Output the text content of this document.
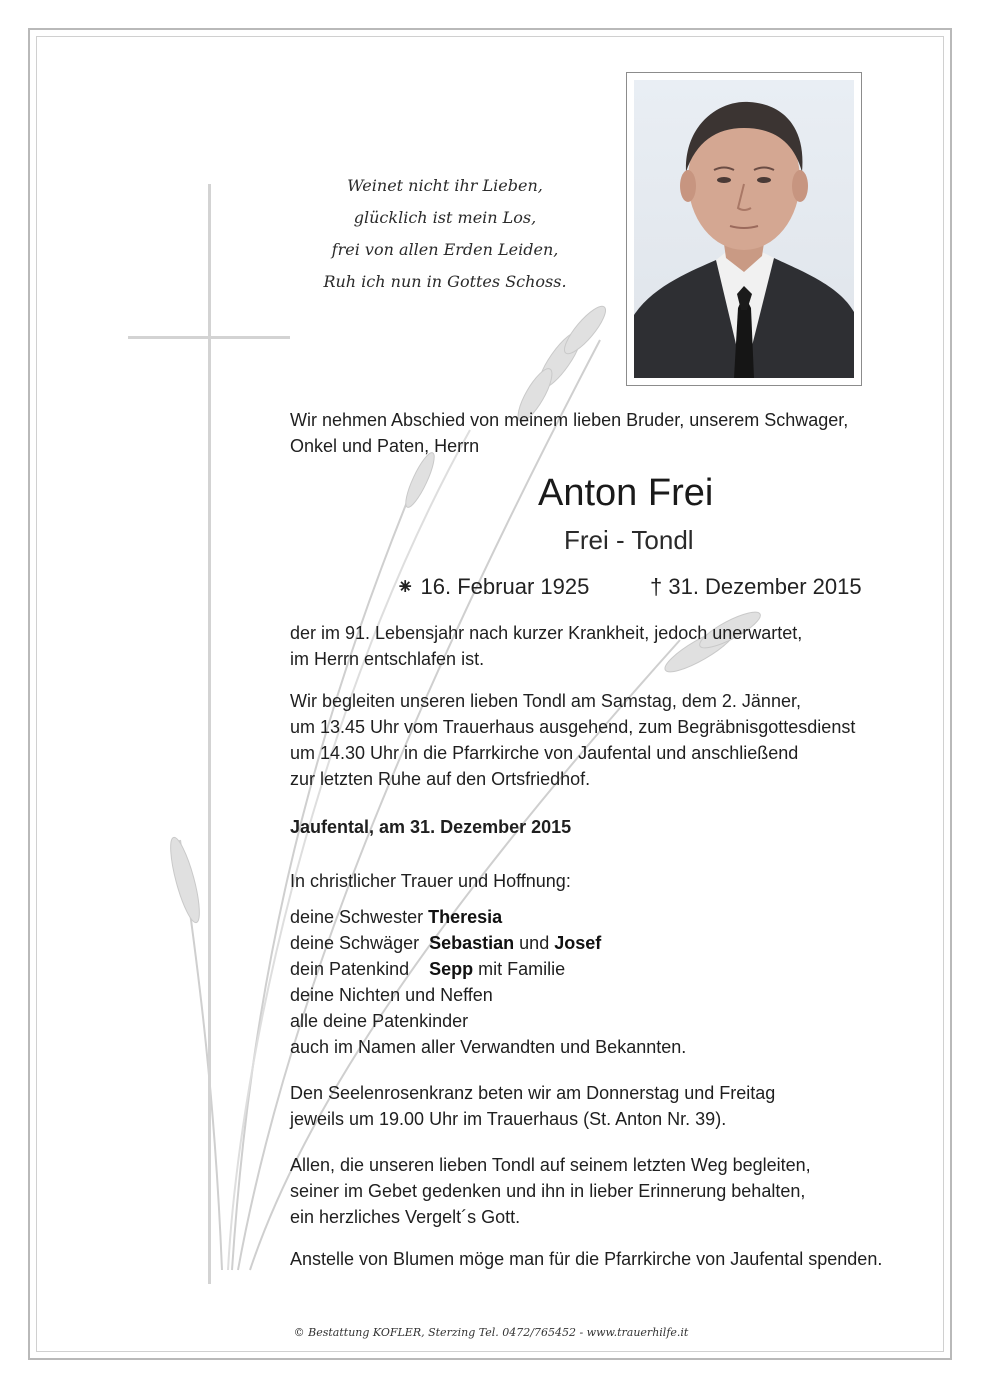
Weinet nicht ihr Lieben,
glücklich ist mein Los,
frei von allen Erden Leiden,
Ruh ich nun in Gottes Schoss.
Wir nehmen Abschied von meinem lieben Bruder, unserem Schwager,
Onkel und Paten, Herrn
Anton Frei
Frei - Tondl
⁕ 16. Februar 1925	† 31. Dezember 2015
der im 91. Lebensjahr nach kurzer Krankheit, jedoch unerwartet,
im Herrn entschlafen ist.
Wir begleiten unseren lieben Tondl am Samstag, dem 2. Jänner,
um 13.45 Uhr vom Trauerhaus ausgehend, zum Begräbnisgottesdienst
um 14.30 Uhr in die Pfarrkirche von Jaufental und anschließend
zur letzten Ruhe auf den Ortsfriedhof.
Jaufental, am 31. Dezember 2015
In christlicher Trauer und Hoffnung:
deine Schwester Theresia
deine Schwäger Sebastian und Josef
dein Patenkind Sepp mit Familie
deine Nichten und Neffen
alle deine Patenkinder
auch im Namen aller Verwandten und Bekannten.
Den Seelenrosenkranz beten wir am Donnerstag und Freitag
jeweils um 19.00 Uhr im Trauerhaus (St. Anton Nr. 39).
Allen, die unseren lieben Tondl auf seinem letzten Weg begleiten,
seiner im Gebet gedenken und ihn in lieber Erinnerung behalten,
ein herzliches Vergelt´s Gott.
Anstelle von Blumen möge man für die Pfarrkirche von Jaufental spenden.
© Bestattung KOFLER, Sterzing Tel. 0472/765452 - www.trauerhilfe.it
